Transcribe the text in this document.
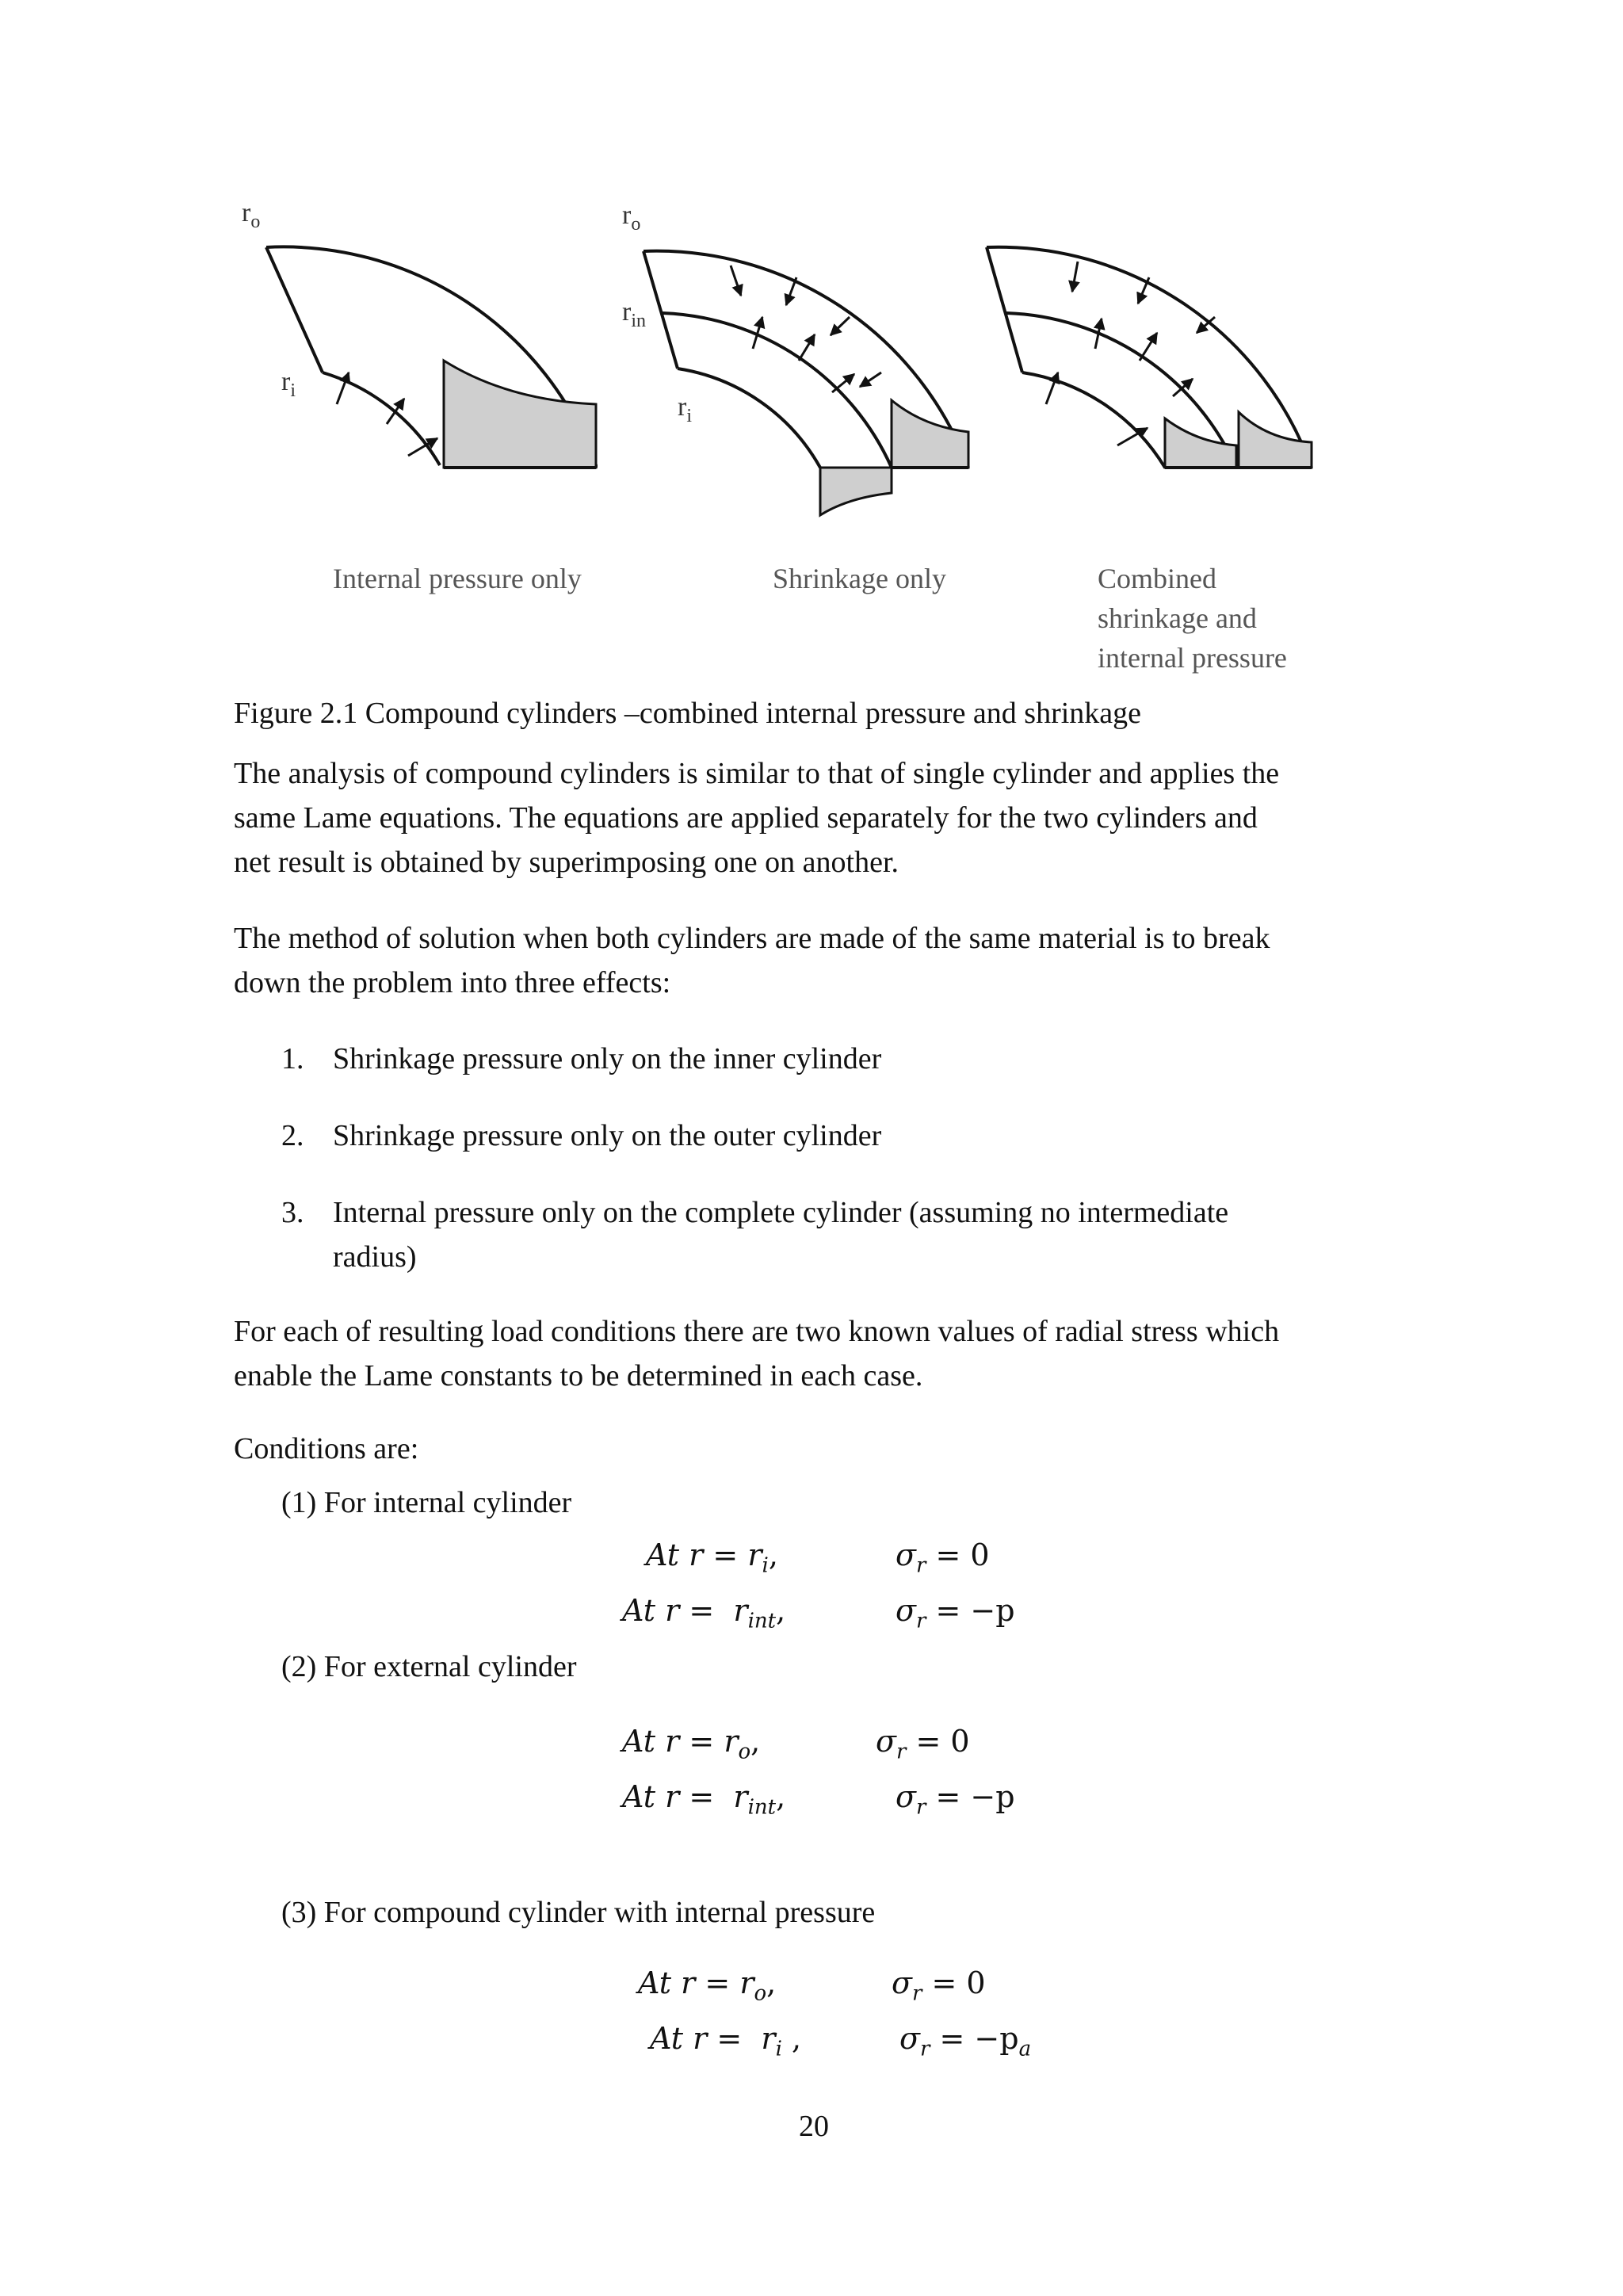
$r_o$
$r_i$
$r_o$
$r_{in}$
$r_i$
Internal pressure only	Shrinkage only	Combined
shrinkage and
internal pressure
Figure 2.1 Compound cylinders –combined internal pressure and shrinkage
The analysis of compound cylinders is similar to that of single cylinder and applies the
same Lame equations. The equations are applied separately for the two cylinders and
net result is obtained by superimposing one on another.
The method of solution when both cylinders are made of the same material is to break
down the problem into three effects:
1. Shrinkage pressure only on the inner cylinder
2. Shrinkage pressure only on the outer cylinder
3. Internal pressure only on the complete cylinder (assuming no intermediate
radius)
For each of resulting load conditions there are two known values of radial stress which
enable the Lame constants to be determined in each case.
Conditions are:
(1) For internal cylinder
At $r = r_i$,	$\sigma_r = 0$
At $r = r_{int}$,	$\sigma_r = -p$
(2) For external cylinder
At $r = r_o$,	$\sigma_r = 0$
At $r = r_{int}$,	$\sigma_r = -p$
(3) For compound cylinder with internal pressure
At $r = r_o$,	$\sigma_r = 0$
At $r = r_i$ ,	$\sigma_r = -p_a$
20
